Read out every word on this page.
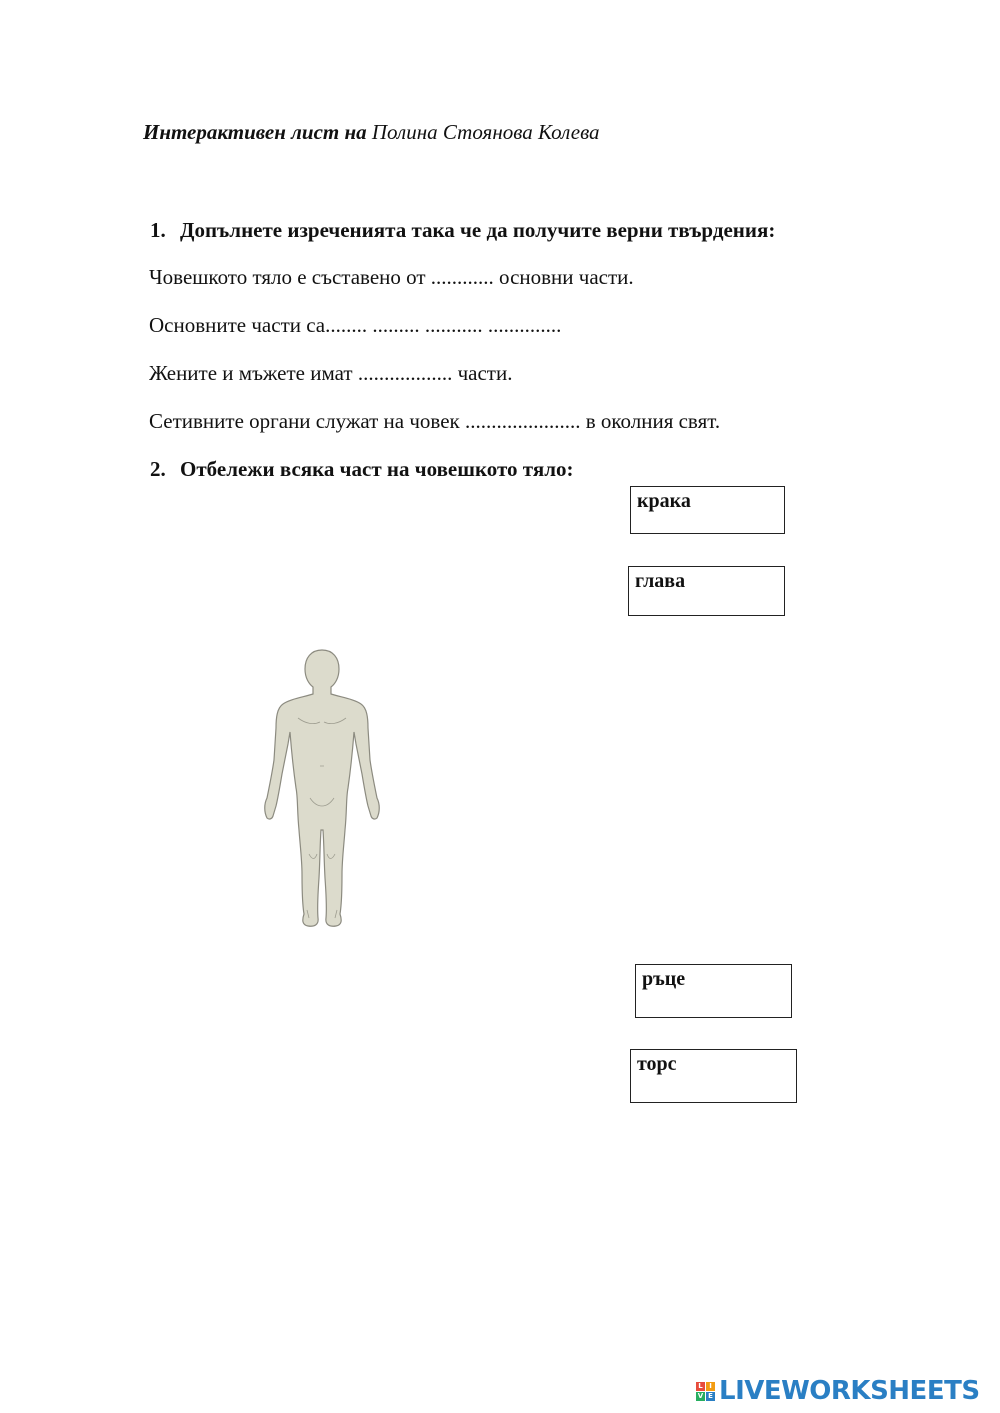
Интерактивен лист на Полина Стоянова Колева
1. Допълнете изреченията така че да получите верни твърдения:
Човешкото тяло е съставено от ............ основни части.
Основните части са........ ......... ........... ..............
Жените и мъжете имат .................. части.
Сетивните органи служат на човек ...................... в околния свят.
2. Отбележи всяка част на човешкото тяло:
крака
глава
ръце
торс
L I
V E LIVEWORKSHEETS
